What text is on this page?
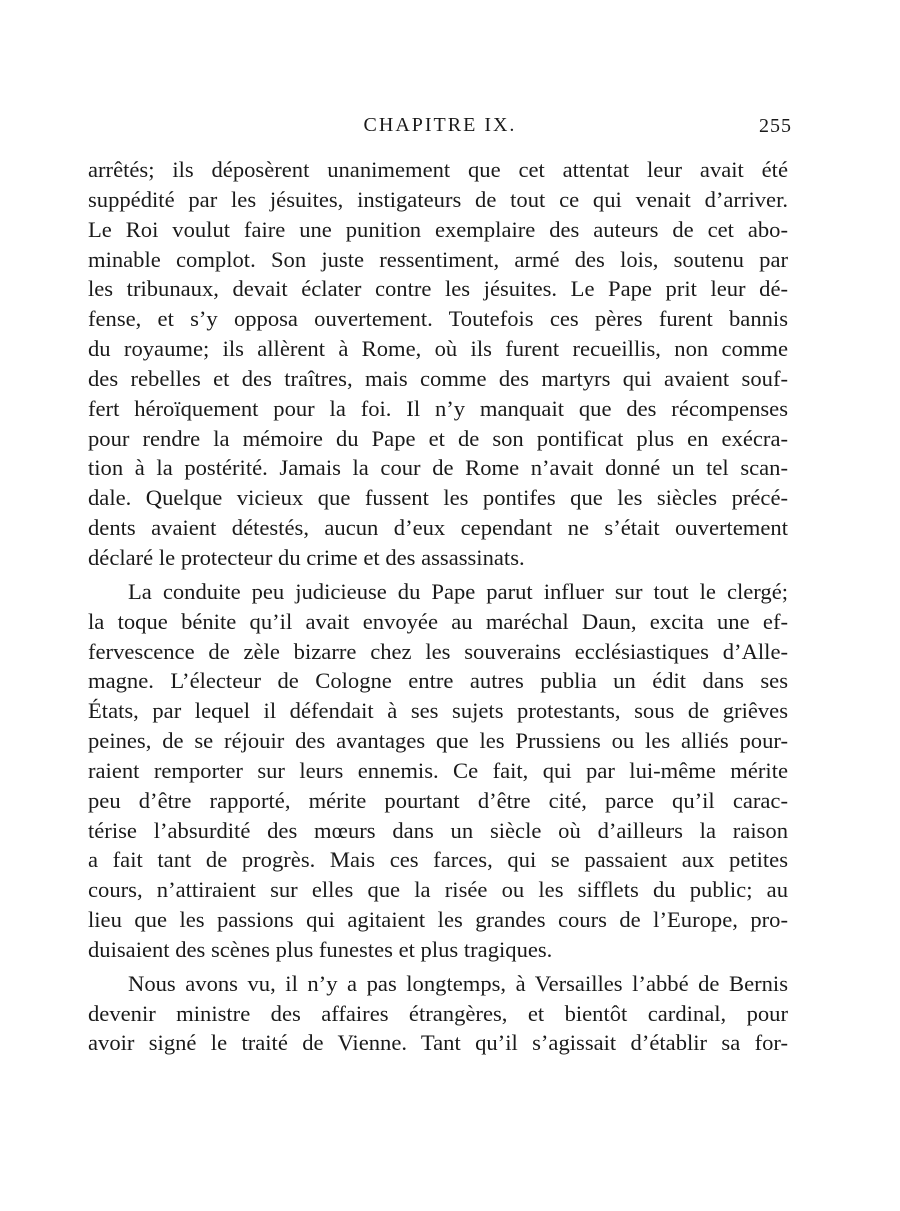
CHAPITRE IX.	255
arrêtés; ils déposèrent unanimement que cet attentat leur avait été
suppédité par les jésuites, instigateurs de tout ce qui venait d’arriver.
Le Roi voulut faire une punition exemplaire des auteurs de cet abo-
minable complot. Son juste ressentiment, armé des lois, soutenu par
les tribunaux, devait éclater contre les jésuites. Le Pape prit leur dé-
fense, et s’y opposa ouvertement. Toutefois ces pères furent bannis
du royaume; ils allèrent à Rome, où ils furent recueillis, non comme
des rebelles et des traîtres, mais comme des martyrs qui avaient souf-
fert héroïquement pour la foi. Il n’y manquait que des récompenses
pour rendre la mémoire du Pape et de son pontificat plus en exécra-
tion à la postérité. Jamais la cour de Rome n’avait donné un tel scan-
dale. Quelque vicieux que fussent les pontifes que les siècles précé-
dents avaient détestés, aucun d’eux cependant ne s’était ouvertement
déclaré le protecteur du crime et des assassinats.
La conduite peu judicieuse du Pape parut influer sur tout le clergé;
la toque bénite qu’il avait envoyée au maréchal Daun, excita une ef-
fervescence de zèle bizarre chez les souverains ecclésiastiques d’Alle-
magne. L’électeur de Cologne entre autres publia un édit dans ses
États, par lequel il défendait à ses sujets protestants, sous de griêves
peines, de se réjouir des avantages que les Prussiens ou les alliés pour-
raient remporter sur leurs ennemis. Ce fait, qui par lui-même mérite
peu d’être rapporté, mérite pourtant d’être cité, parce qu’il carac-
térise l’absurdité des mœurs dans un siècle où d’ailleurs la raison
a fait tant de progrès. Mais ces farces, qui se passaient aux petites
cours, n’attiraient sur elles que la risée ou les sifflets du public; au
lieu que les passions qui agitaient les grandes cours de l’Europe, pro-
duisaient des scènes plus funestes et plus tragiques.
Nous avons vu, il n’y a pas longtemps, à Versailles l’abbé de Bernis
devenir ministre des affaires étrangères, et bientôt cardinal, pour
avoir signé le traité de Vienne. Tant qu’il s’agissait d’établir sa for-
